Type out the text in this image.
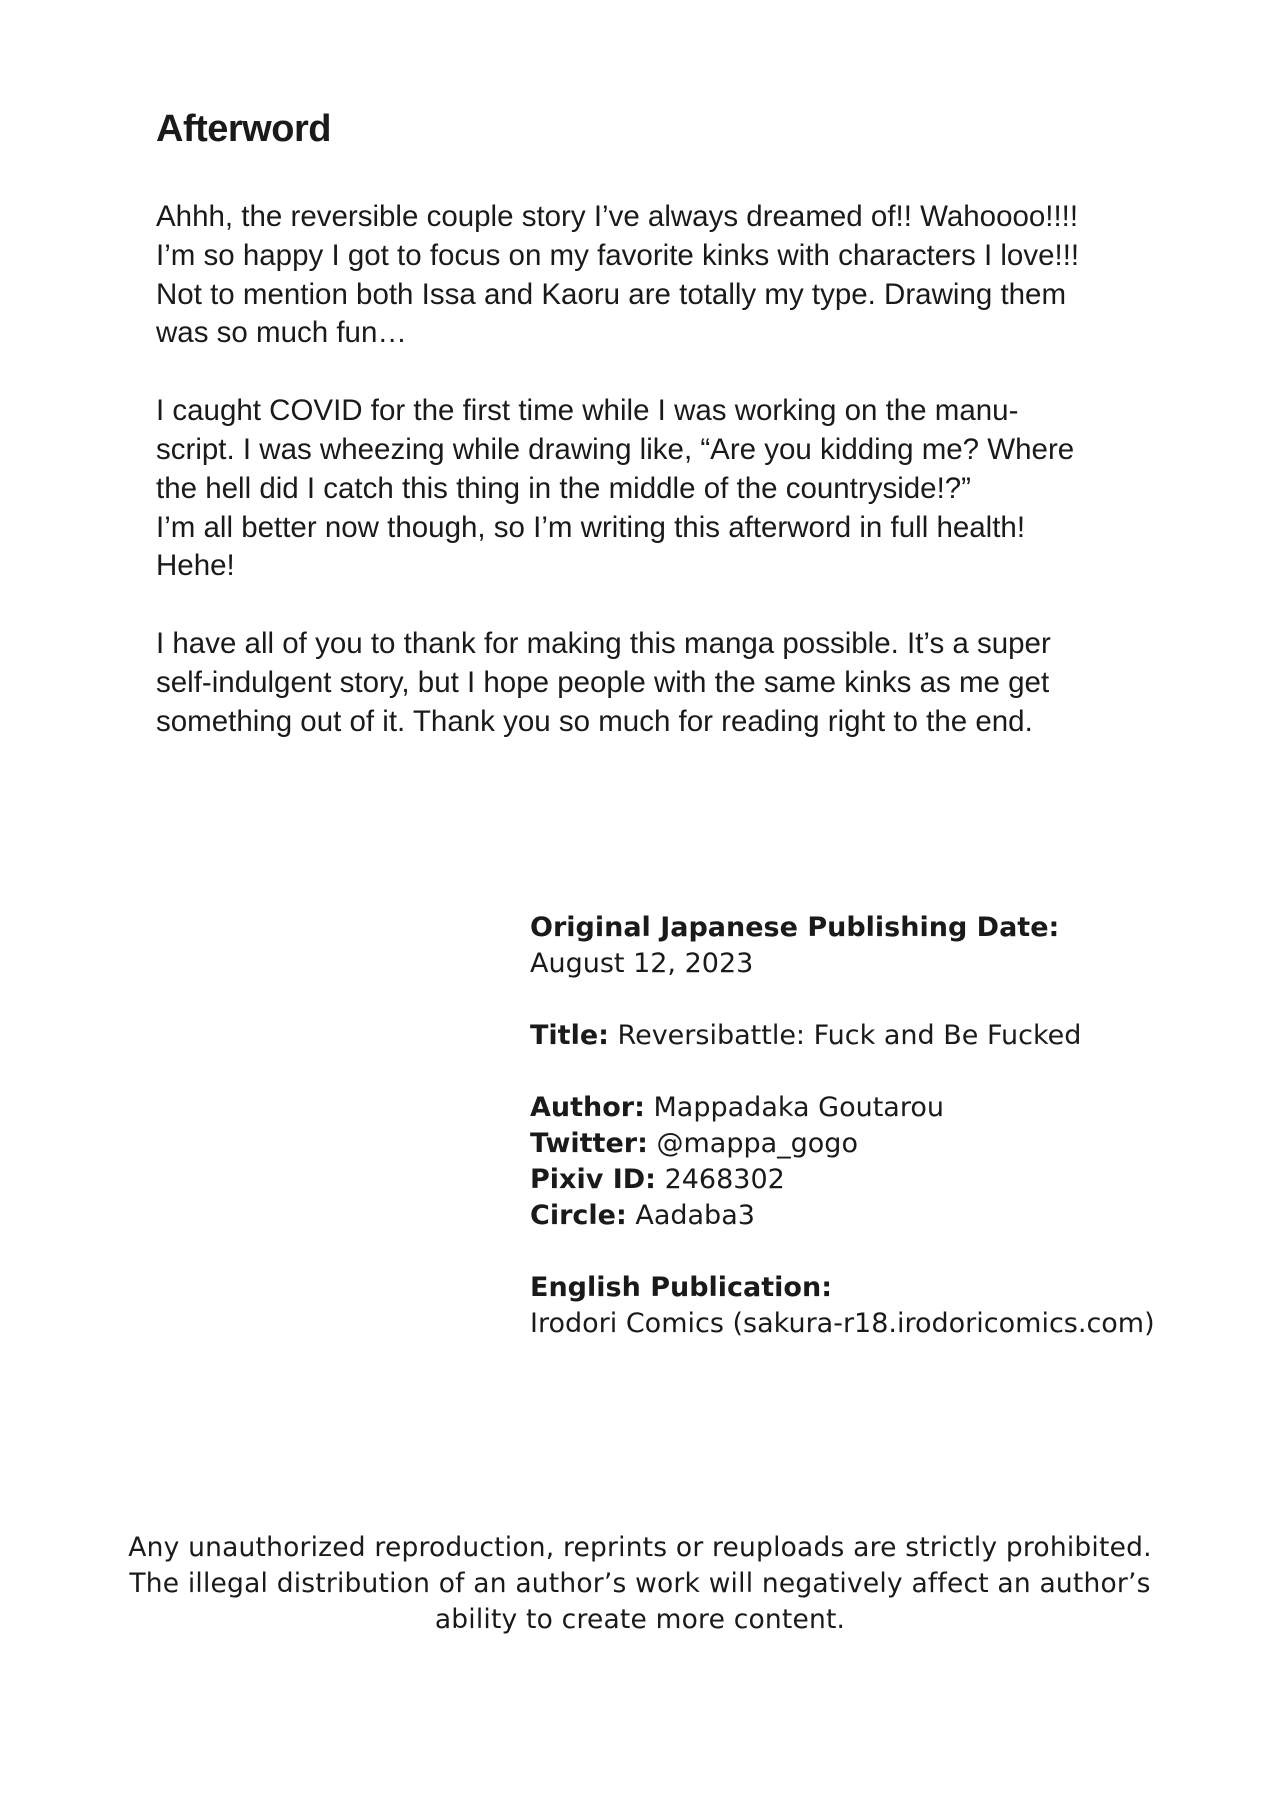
Afterword

Ahhh, the reversible couple story I’ve always dreamed of!! Wahoooo!!!!
I’m so happy I got to focus on my favorite kinks with characters I love!!!
Not to mention both Issa and Kaoru are totally my type. Drawing them
was so much fun…

I caught COVID for the first time while I was working on the manu-
script. I was wheezing while drawing like, “Are you kidding me? Where
the hell did I catch this thing in the middle of the countryside!?”
I’m all better now though, so I’m writing this afterword in full health!
Hehe!

I have all of you to thank for making this manga possible. It’s a super
self-indulgent story, but I hope people with the same kinks as me get
something out of it. Thank you so much for reading right to the end.

Original Japanese Publishing Date:
August 12, 2023
Title: Reversibattle: Fuck and Be Fucked
Author: Mappadaka Goutarou
Twitter: @mappa_gogo
Pixiv ID: 2468302
Circle: Aadaba3
English Publication:
Irodori Comics (sakura-r18.irodoricomics.com)
Any unauthorized reproduction, reprints or reuploads are strictly prohibited.
The illegal distribution of an author’s work will negatively affect an author’s
ability to create more content.
